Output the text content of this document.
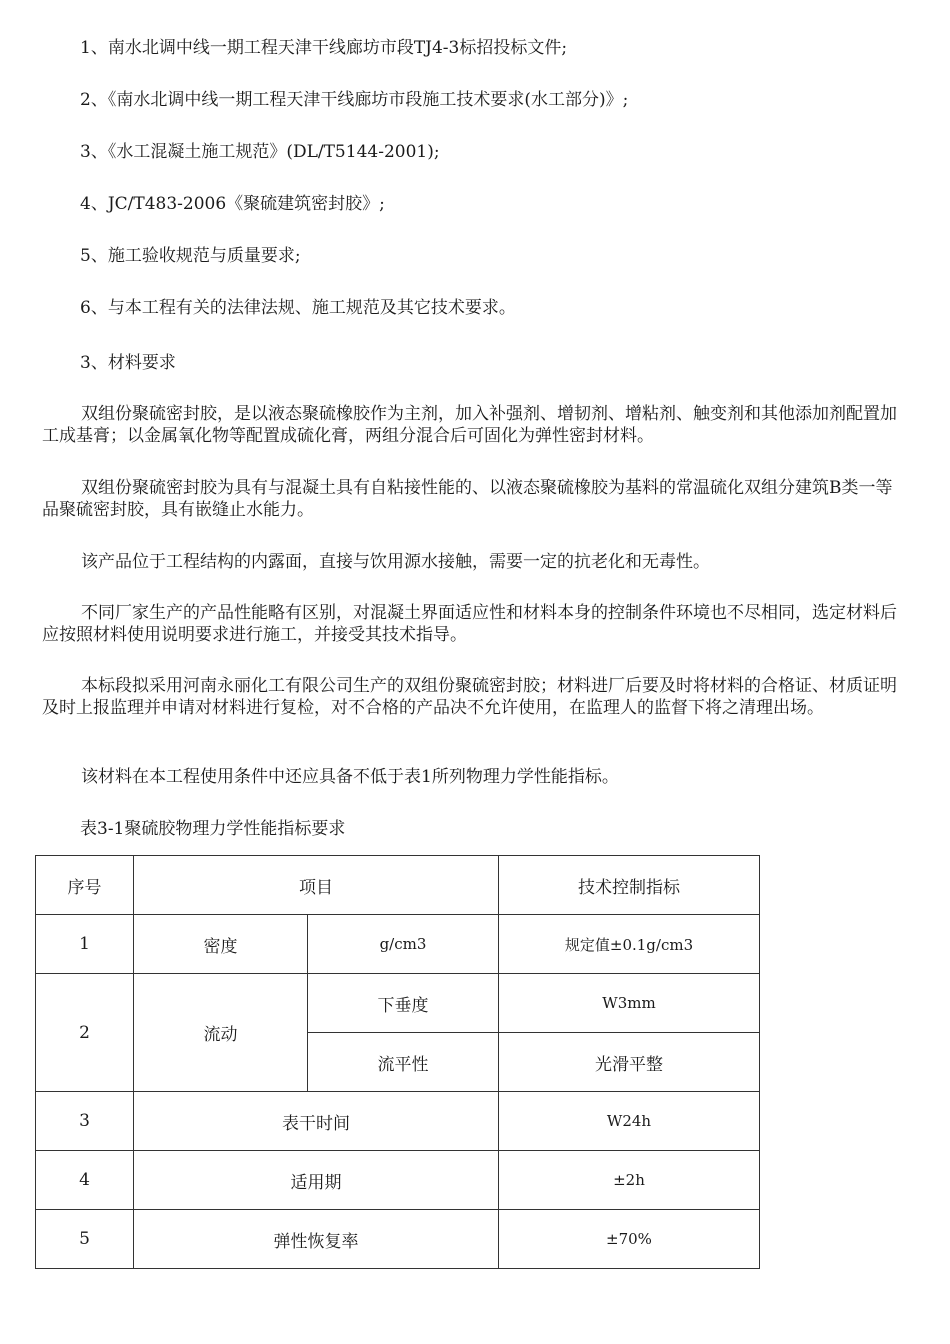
1、南水北调中线一期工程天津干线廊坊市段TJ4-3标招投标文件;
2、《南水北调中线一期工程天津干线廊坊市段施工技术要求(水工部分)》;
3、《水工混凝土施工规范》(DL/T5144-2001);
4、JC/T483-2006《聚硫建筑密封胶》;
5、施工验收规范与质量要求;
6、与本工程有关的法律法规、施工规范及其它技术要求。
3、材料要求
双组份聚硫密封胶，是以液态聚硫橡胶作为主剂，加入补强剂、增韧剂、增粘剂、触变剂和其他添加剂配置加工成基膏；以金属氧化物等配置成硫化膏，两组分混合后可固化为弹性密封材料。
双组份聚硫密封胶为具有与混凝土具有自粘接性能的、以液态聚硫橡胶为基料的常温硫化双组分建筑B类一等品聚硫密封胶，具有嵌缝止水能力。
该产品位于工程结构的内露面，直接与饮用源水接触，需要一定的抗老化和无毒性。
不同厂家生产的产品性能略有区别，对混凝土界面适应性和材料本身的控制条件环境也不尽相同，选定材料后应按照材料使用说明要求进行施工，并接受其技术指导。
本标段拟采用河南永丽化工有限公司生产的双组份聚硫密封胶；材料进厂后要及时将材料的合格证、材质证明及时上报监理并申请对材料进行复检，对不合格的产品决不允许使用，在监理人的监督下将之清理出场。
该材料在本工程使用条件中还应具备不低于表1所列物理力学性能指标。
表3-1聚硫胶物理力学性能指标要求
序号	项目		技术控制指标
1	密度	g/cm3	规定值±0.1g/cm3
2	流动	下垂度	W3mm
		流平性	光滑平整
3	表干时间		W24h
4	适用期		±2h
5	弹性恢复率		±70%
